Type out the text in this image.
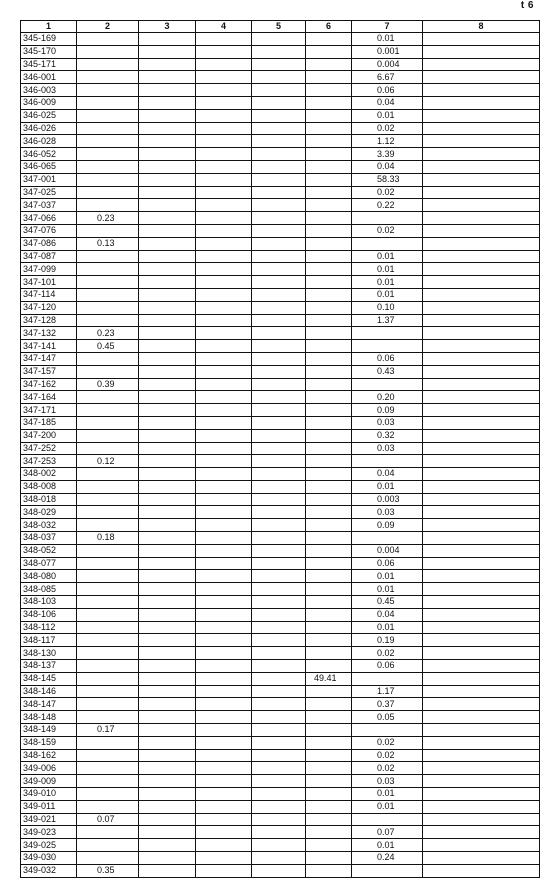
t 6
1	2	3	4	5	6	7	8
345-169						0.01	
345-170						0.001	
345-171						0.004	
346-001						6.67	
346-003						0.06	
346-009						0.04	
346-025						0.01	
346-026						0.02	
346-028						1.12	
346-052						3.39	
346-065						0.04	
347-001						58.33	
347-025						0.02	
347-037						0.22	
347-066	0.23						
347-076						0.02	
347-086	0.13						
347-087						0.01	
347-099						0.01	
347-101						0.01	
347-114						0.01	
347-120						0.10	
347-128						1.37	
347-132	0.23						
347-141	0.45						
347-147						0.06	
347-157						0.43	
347-162	0.39						
347-164						0.20	
347-171						0.09	
347-185						0.03	
347-200						0.32	
347-252						0.03	
347-253	0.12						
348-002						0.04	
348-008						0.01	
348-018						0.003	
348-029						0.03	
348-032						0.09	
348-037	0.18						
348-052						0.004	
348-077						0.06	
348-080						0.01	
348-085						0.01	
348-103						0.45	
348-106						0.04	
348-112						0.01	
348-117						0.19	
348-130						0.02	
348-137						0.06	
348-145					49.41		
348-146						1.17	
348-147						0.37	
348-148						0.05	
348-149	0.17						
348-159						0.02	
348-162						0.02	
349-006						0.02	
349-009						0.03	
349-010						0.01	
349-011						0.01	
349-021	0.07						
349-023						0.07	
349-025						0.01	
349-030						0.24	
349-032	0.35						
